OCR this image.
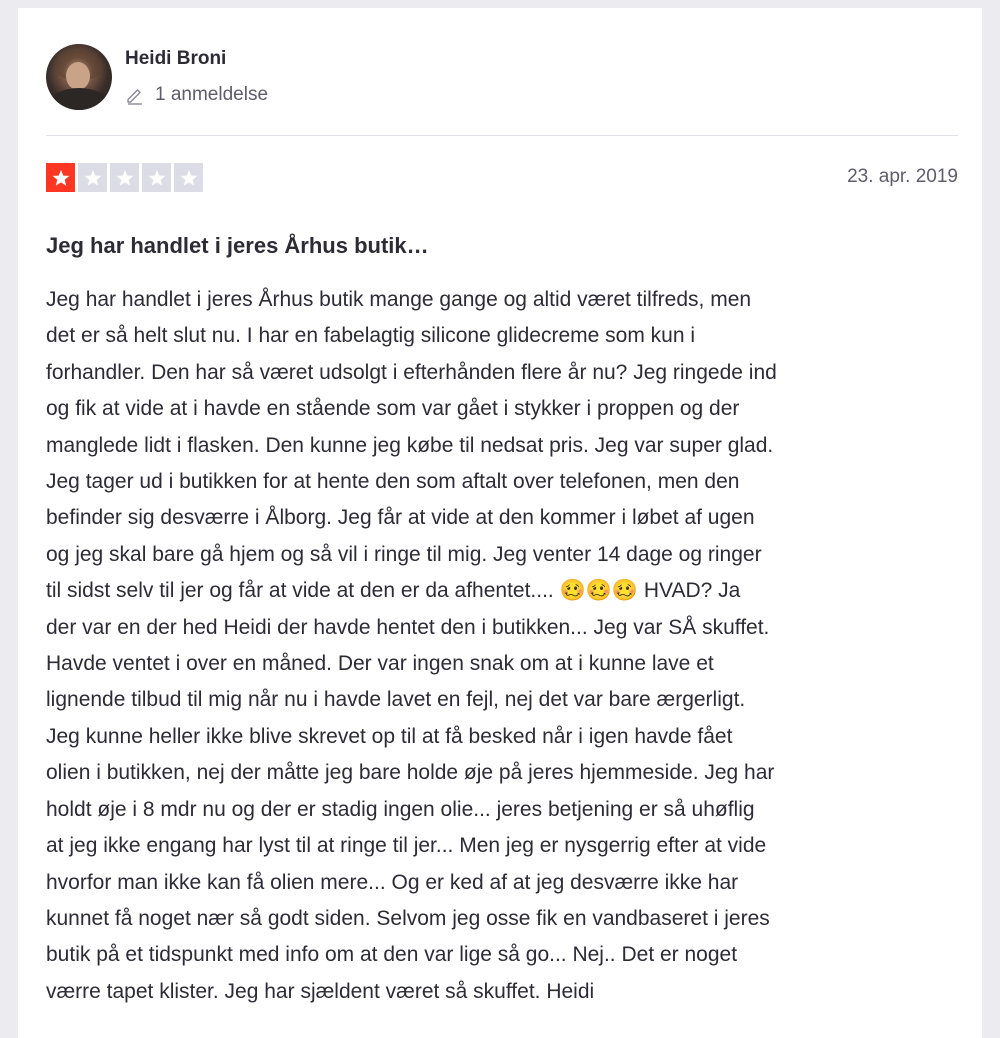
Heidi Broni
1 anmeldelse
23. apr. 2019
Jeg har handlet i jeres Århus butik…
Jeg har handlet i jeres Århus butik mange gange og altid været tilfreds, men
det er så helt slut nu. I har en fabelagtig silicone glidecreme som kun i
forhandler. Den har så været udsolgt i efterhånden flere år nu? Jeg ringede ind
og fik at vide at i havde en stående som var gået i stykker i proppen og der
manglede lidt i flasken. Den kunne jeg købe til nedsat pris. Jeg var super glad.
Jeg tager ud i butikken for at hente den som aftalt over telefonen, men den
befinder sig desværre i Ålborg. Jeg får at vide at den kommer i løbet af ugen
og jeg skal bare gå hjem og så vil i ringe til mig. Jeg venter 14 dage og ringer
til sidst selv til jer og får at vide at den er da afhentet.... 🥴🥴🥴 HVAD? Ja
der var en der hed Heidi der havde hentet den i butikken... Jeg var SÅ skuffet.
Havde ventet i over en måned. Der var ingen snak om at i kunne lave et
lignende tilbud til mig når nu i havde lavet en fejl, nej det var bare ærgerligt.
Jeg kunne heller ikke blive skrevet op til at få besked når i igen havde fået
olien i butikken, nej der måtte jeg bare holde øje på jeres hjemmeside. Jeg har
holdt øje i 8 mdr nu og der er stadig ingen olie... jeres betjening er så uhøflig
at jeg ikke engang har lyst til at ringe til jer... Men jeg er nysgerrig efter at vide
hvorfor man ikke kan få olien mere... Og er ked af at jeg desværre ikke har
kunnet få noget nær så godt siden. Selvom jeg osse fik en vandbaseret i jeres
butik på et tidspunkt med info om at den var lige så go... Nej.. Det er noget
værre tapet klister. Jeg har sjældent været så skuffet. Heidi
